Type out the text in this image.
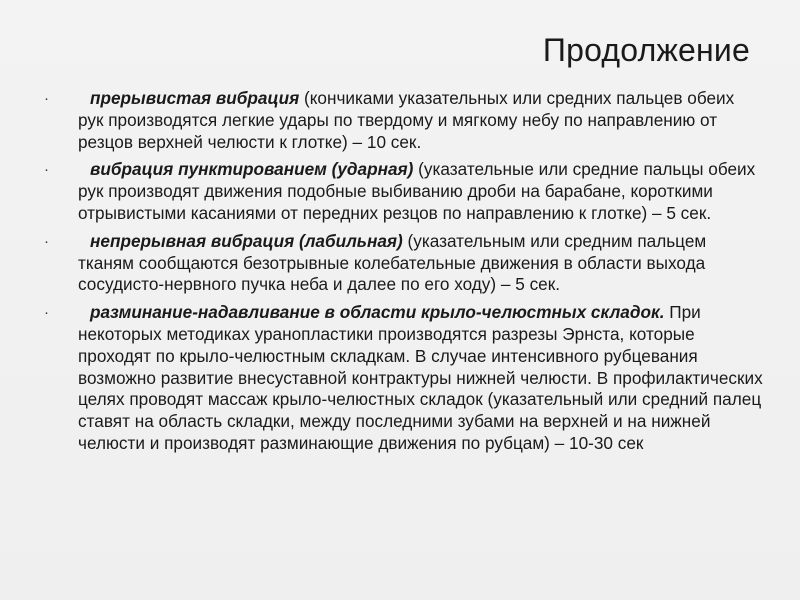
Продолжение
· прерывистая вибрация (кончиками указательных или средних пальцев обеих рук производятся легкие удары по твердому и мягкому небу по направлению от резцов верхней челюсти к глотке) – 10 сек.
· вибрация пунктированием (ударная) (указательные или средние пальцы обеих рук производят движения подобные выбиванию дроби на барабане, короткими отрывистыми касаниями от передних резцов по направлению к глотке) – 5 сек.
· непрерывная вибрация (лабильная) (указательным или средним пальцем тканям сообщаются безотрывные колебательные движения в области выхода сосудисто-нервного пучка неба и далее по его ходу) – 5 сек.
· разминание-надавливание в области крыло-челюстных складок. При некоторых методиках уранопластики производятся разрезы Эрнста, которые проходят по крыло-челюстным складкам. В случае интенсивного рубцевания возможно развитие внесуставной контрактуры нижней челюсти. В профилактических целях проводят массаж крыло-челюстных складок (указательный или средний палец ставят на область складки, между последними зубами на верхней и на нижней челюсти и производят разминающие движения по рубцам) – 10-30 сек
